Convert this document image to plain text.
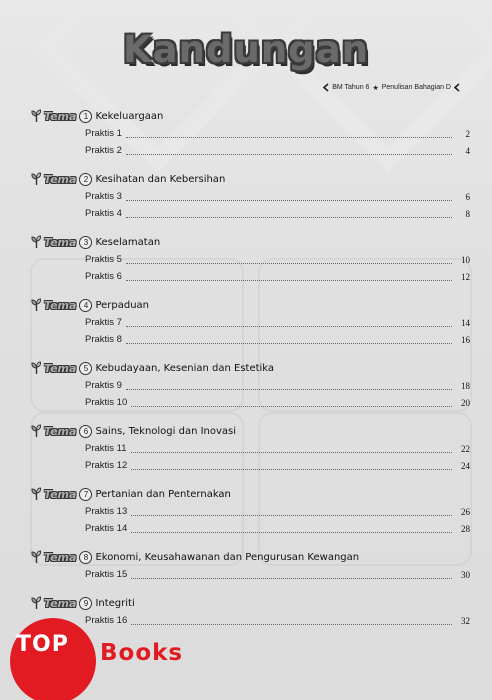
Kandungan
BM Tahun 6 ★ Penulisan Bahagian D
Tema 1 Kekeluargaan
Praktis 1	2
Praktis 2	4
Tema 2 Kesihatan dan Kebersihan
Praktis 3	6
Praktis 4	8
Tema 3 Keselamatan
Praktis 5	10
Praktis 6	12
Tema 4 Perpaduan
Praktis 7	14
Praktis 8	16
Tema 5 Kebudayaan, Kesenian dan Estetika
Praktis 9	18
Praktis 10	20
Tema 6 Sains, Teknologi dan Inovasi
Praktis 11	22
Praktis 12	24
Tema 7 Pertanian dan Penternakan
Praktis 13	26
Praktis 14	28
Tema 8 Ekonomi, Keusahawanan dan Pengurusan Kewangan
Praktis 15	30
Tema 9 Integriti
Praktis 16	32
TOP Books
